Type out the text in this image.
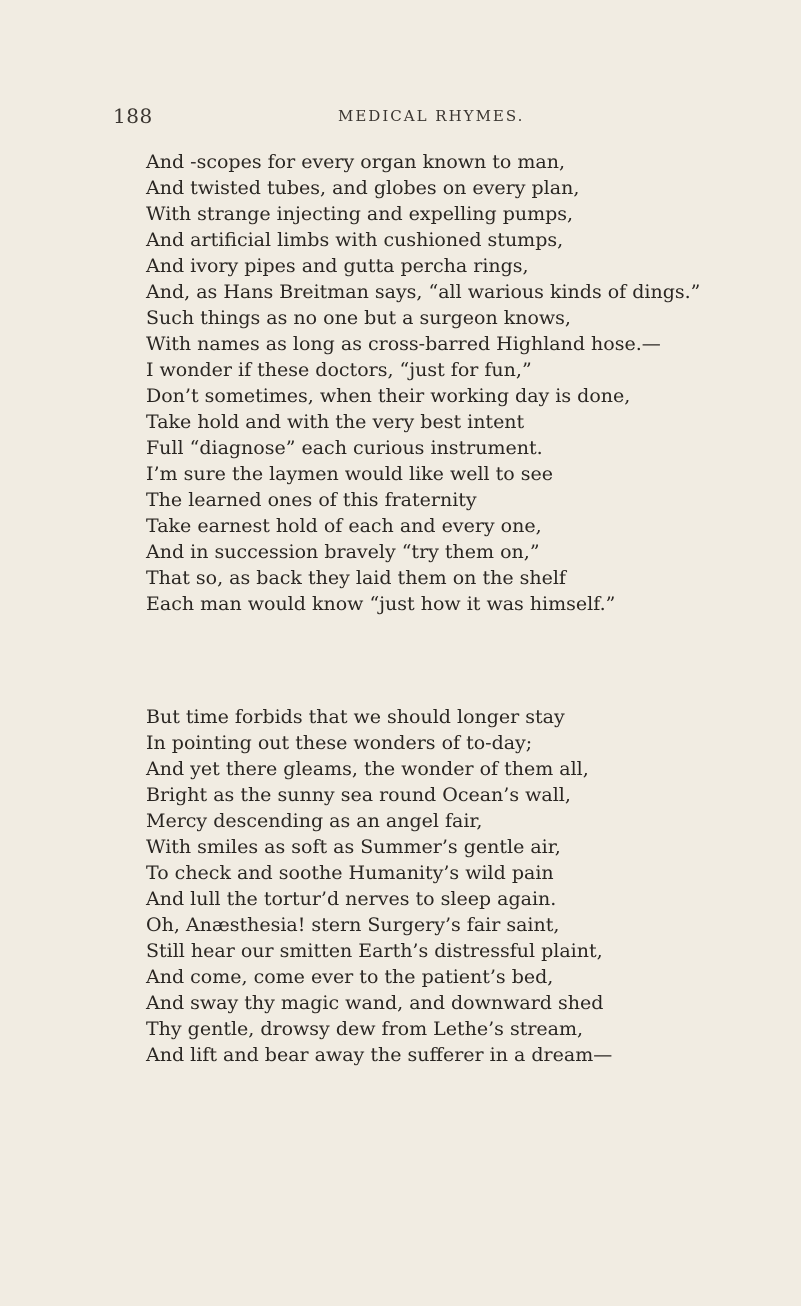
188	MEDICAL RHYMES.
And -scopes for every organ known to man,
And twisted tubes, and globes on every plan,
With strange injecting and expelling pumps,
And artificial limbs with cushioned stumps,
And ivory pipes and gutta percha rings,
And, as Hans Breitman says, “all warious kinds of dings.”
Such things as no one but a surgeon knows,
With names as long as cross-barred Highland hose.—
I wonder if these doctors, “just for fun,”
Don’t sometimes, when their working day is done,
Take hold and with the very best intent
Full “diagnose” each curious instrument.
I’m sure the laymen would like well to see
The learned ones of this fraternity
Take earnest hold of each and every one,
And in succession bravely “try them on,”
That so, as back they laid them on the shelf
Each man would know “just how it was himself.”
But time forbids that we should longer stay
In pointing out these wonders of to-day;
And yet there gleams, the wonder of them all,
Bright as the sunny sea round Ocean’s wall,
Mercy descending as an angel fair,
With smiles as soft as Summer’s gentle air,
To check and soothe Humanity’s wild pain
And lull the tortur’d nerves to sleep again.
Oh, Anæsthesia! stern Surgery’s fair saint,
Still hear our smitten Earth’s distressful plaint,
And come, come ever to the patient’s bed,
And sway thy magic wand, and downward shed
Thy gentle, drowsy dew from Lethe’s stream,
And lift and bear away the sufferer in a dream—
